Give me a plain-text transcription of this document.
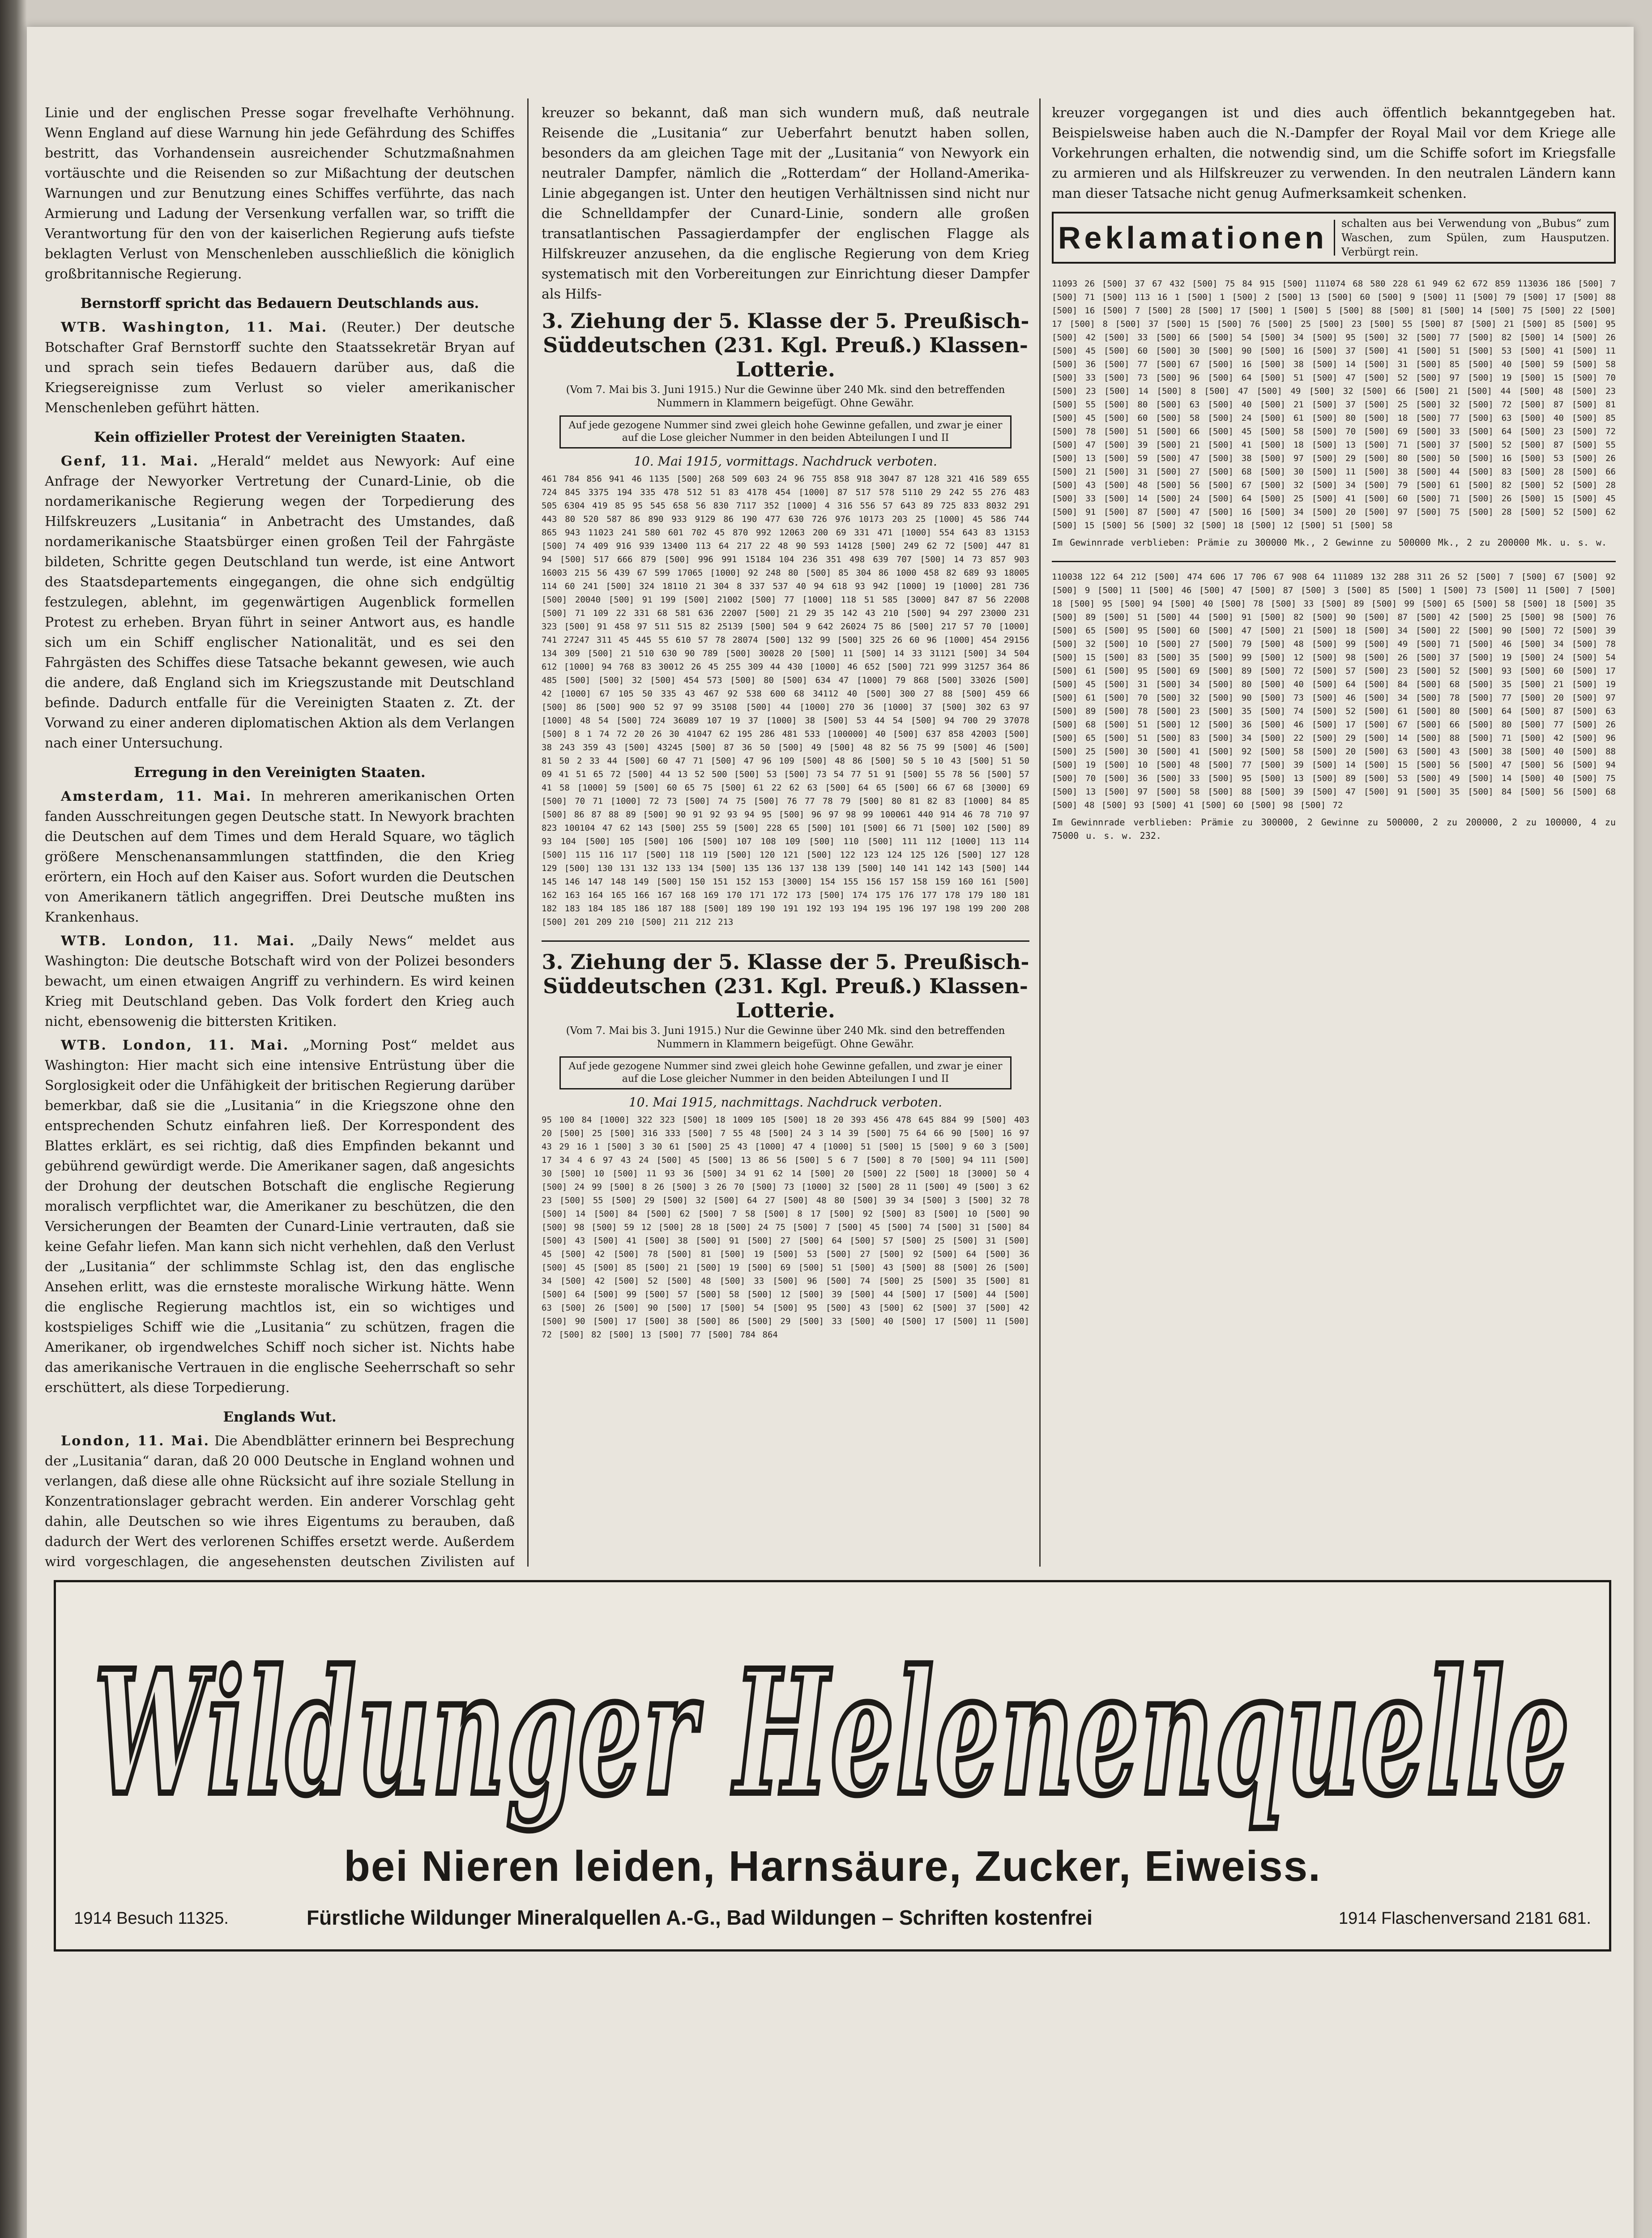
Linie und der englischen Presse sogar frevelhafte Verhöhnung. Wenn England auf diese Warnung hin jede Gefährdung des Schiffes bestritt, das Vorhandensein ausreichender Schutzmaßnahmen vortäuschte und die Reisenden so zur Mißachtung der deutschen Warnungen und zur Benutzung eines Schiffes verführte, das nach Armierung und Ladung der Versenkung verfallen war, so trifft die Verantwortung für den von der kaiserlichen Regierung aufs tiefste beklagten Verlust von Menschenleben ausschließlich die königlich großbritannische Regierung.

Bernstorff spricht das Bedauern Deutschlands aus.

WTB. Washington, 11. Mai. (Reuter.) Der deutsche Botschafter Graf Bernstorff suchte den Staatssekretär Bryan auf und sprach sein tiefes Bedauern darüber aus, daß die Kriegsereignisse zum Verlust so vieler amerikanischer Menschenleben geführt hätten.

Kein offizieller Protest der Vereinigten Staaten.

Genf, 11. Mai. „Herald“ meldet aus Newyork: Auf eine Anfrage der Newyorker Vertretung der Cunard-Linie, ob die nordamerikanische Regierung wegen der Torpedierung des Hilfskreuzers „Lusitania“ in Anbetracht des Umstandes, daß nordamerikanische Staatsbürger einen großen Teil der Fahrgäste bildeten, Schritte gegen Deutschland tun werde, ist eine Antwort des Staatsdepartements eingegangen, die ohne sich endgültig festzulegen, ablehnt, im gegenwärtigen Augenblick formellen Protest zu erheben. Bryan führt in seiner Antwort aus, es handle sich um ein Schiff englischer Nationalität, und es sei den Fahrgästen des Schiffes diese Tatsache bekannt gewesen, wie auch die andere, daß England sich im Kriegszustande mit Deutschland befinde. Dadurch entfalle für die Vereinigten Staaten z. Zt. der Vorwand zu einer anderen diplomatischen Aktion als dem Verlangen nach einer Untersuchung.

Erregung in den Vereinigten Staaten.

Amsterdam, 11. Mai. In mehreren amerikanischen Orten fanden Ausschreitungen gegen Deutsche statt. In Newyork brachten die Deutschen auf dem Times und dem Herald Square, wo täglich größere Menschenansammlungen stattfinden, die den Krieg erörtern, ein Hoch auf den Kaiser aus. Sofort wurden die Deutschen von Amerikanern tätlich angegriffen. Drei Deutsche mußten ins Krankenhaus.

WTB. London, 11. Mai. „Daily News“ meldet aus Washington: Die deutsche Botschaft wird von der Polizei besonders bewacht, um einen etwaigen Angriff zu verhindern. Es wird keinen Krieg mit Deutschland geben. Das Volk fordert den Krieg auch nicht, ebensowenig die bittersten Kritiken.

WTB. London, 11. Mai. „Morning Post“ meldet aus Washington: Hier macht sich eine intensive Entrüstung über die Sorglosigkeit oder die Unfähigkeit der britischen Regierung darüber bemerkbar, daß sie die „Lusitania“ in die Kriegszone ohne den entsprechenden Schutz einfahren ließ. Der Korrespondent des Blattes erklärt, es sei richtig, daß dies Empfinden bekannt und gebührend gewürdigt werde. Die Amerikaner sagen, daß angesichts der Drohung der deutschen Botschaft die englische Regierung moralisch verpflichtet war, die Amerikaner zu beschützen, die den Versicherungen der Beamten der Cunard-Linie vertrauten, daß sie keine Gefahr liefen. Man kann sich nicht verhehlen, daß den Verlust der „Lusitania“ der schlimmste Schlag ist, den das englische Ansehen erlitt, was die ernsteste moralische Wirkung hätte. Wenn die englische Regierung machtlos ist, ein so wichtiges und kostspieliges Schiff wie die „Lusitania“ zu schützen, fragen die Amerikaner, ob irgendwelches Schiff noch sicher ist. Nichts habe das amerikanische Vertrauen in die englische Seeherrschaft so sehr erschüttert, als diese Torpedierung.

Englands Wut.

London, 11. Mai. Die Abendblätter erinnern bei Besprechung der „Lusitania“ daran, daß 20 000 Deutsche in England wohnen und verlangen, daß diese alle ohne Rücksicht auf ihre soziale Stellung in Konzentrationslager gebracht werden. Ein anderer Vorschlag geht dahin, alle Deutschen so wie ihres Eigentums zu berauben, daß dadurch der Wert des verlorenen Schiffes ersetzt werde. Außerdem wird vorgeschlagen, die angesehensten deutschen Zivilisten auf

kreuzer so bekannt, daß man sich wundern muß, daß neutrale Reisende die „Lusitania“ zur Ueberfahrt benutzt haben sollen, besonders da am gleichen Tage mit der „Lusitania“ von Newyork ein neutraler Dampfer, nämlich die „Rotterdam“ der Holland-Amerika-Linie abgegangen ist. Unter den heutigen Verhältnissen sind nicht nur die Schnelldampfer der Cunard-Linie, sondern alle großen transatlantischen Passagierdampfer der englischen Flagge als Hilfskreuzer anzusehen, da die englische Regierung von dem Krieg systematisch mit den Vorbereitungen zur Einrichtung dieser Dampfer als Hilfs-

3. Ziehung der 5. Klasse der 5. Preußisch-Süddeutschen (231. Kgl. Preuß.) Klassen-Lotterie.
(Vom 7. Mai bis 3. Juni 1915.) Nur die Gewinne über 240 Mk. sind den betreffenden Nummern in Klammern beigefügt. Ohne Gewähr.
Auf jede gezogene Nummer sind zwei gleich hohe Gewinne gefallen, und zwar je einer auf die Lose gleicher Nummer in den beiden Abteilungen I und II
10. Mai 1915, vormittags. Nachdruck verboten.

461 784 856 941 46 1135 [500] 268 509 603 24 96 755 858 918 3047 87 128 321 416 589 655 724 845 3375 194 335 478 512 51 83 4178 454 [1000] 87 517 578 5110 29 242 55 276 483 505 6304 419 85 95 545 658 56 830 7117 352 [1000] 4 316 556 57 643 89 725 833 8032 291 443 80 520 587 86 890 933 9129 86 190 477 630 726 976 10173 203 25 [1000] 45 586 744 865 943 11023 241 580 601 702 45 870 992 12063 200 69 331 471 [1000] 554 643 83 13153 [500] 74 409 916 939 13400 113 64 217 22 48 90 593 14128 [500] 249 62 72 [500] 447 81 94 [500] 517 666 879 [500] 996 991 15184 104 236 351 498 639 707 [500] 14 73 857 903 16003 215 56 439 67 599 17065 [1000] 92 248 80 [500] 85 304 86 1000 458 82 689 93 18005 114 60 241 [500] 324 18110 21 304 8 337 537 40 94 618 93 942 [1000] 19 [1000] 281 736 [500] 20040 [500] 91 199 [500] 21002 [500] 77 [1000] 118 51 585 [3000] 847 87 56 22008 [500] 71 109 22 331 68 581 636 22007 [500] 21 29 35 142 43 210 [500] 94 297 23000 231 323 [500] 91 458 97 511 515 82 25139 [500] 504 9 642 26024 75 86 [500] 217 57 70 [1000] 741 27247 311 45 445 55 610 57 78 28074 [500] 132 99 [500] 325 26 60 96 [1000] 454 29156 134 309 [500] 21 510 630 90 789 [500] 30028 20 [500] 11 [500] 14 33 31121 [500] 34 504 612 [1000] 94 768 83 30012 26 45 255 309 44 430 [1000] 46 652 [500] 721 999 31257 364 86 485 [500] [500] 32 [500] 454 573 [500] 80 [500] 634 47 [1000] 79 868 [500] 33026 [500] 42 [1000] 67 105 50 335 43 467 92 538 600 68 34112 40 [500] 300 27 88 [500] 459 66 [500] 86 [500] 900 52 97 99 35108 [500] 44 [1000] 270 36 [1000] 37 [500] 302 63 97 [1000] 48 54 [500] 724 36089 107 19 37 [1000] 38 [500] 53 44 54 [500] 94 700 29 37078 [500] 8 1 74 72 20 26 30 41047 62 195 286 481 533 [100000] 40 [500] 637 858 42003 [500] 38 243 359 43 [500] 43245 [500] 87 36 50 [500] 49 [500] 48 82 56 75 99 [500] 46 [500] 81 50 2 33 44 [500] 60 47 71 [500] 47 96 109 [500] 48 86 [500] 50 5 10 43 [500] 51 50 09 41 51 65 72 [500] 44 13 52 500 [500] 53 [500] 73 54 77 51 91 [500] 55 78 56 [500] 57 41 58 [1000] 59 [500] 60 65 75 [500] 61 22 62 63 [500] 64 65 [500] 66 67 68 [3000] 69 [500] 70 71 [1000] 72 73 [500] 74 75 [500] 76 77 78 79 [500] 80 81 82 83 [1000] 84 85 [500] 86 87 88 89 [500] 90 91 92 93 94 95 [500] 96 97 98 99 100061 440 914 46 78 710 97 823 100104 47 62 143 [500] 255 59 [500] 228 65 [500] 101 [500] 66 71 [500] 102 [500] 89 93 104 [500] 105 [500] 106 [500] 107 108 109 [500] 110 [500] 111 112 [1000] 113 114 [500] 115 116 117 [500] 118 119 [500] 120 121 [500] 122 123 124 125 126 [500] 127 128 129 [500] 130 131 132 133 134 [500] 135 136 137 138 139 [500] 140 141 142 143 [500] 144 145 146 147 148 149 [500] 150 151 152 153 [3000] 154 155 156 157 158 159 160 161 [500] 162 163 164 165 166 167 168 169 170 171 172 173 [500] 174 175 176 177 178 179 180 181 182 183 184 185 186 187 188 [500] 189 190 191 192 193 194 195 196 197 198 199 200 208 [500] 201 209 210 [500] 211 212 213

3. Ziehung der 5. Klasse der 5. Preußisch-Süddeutschen (231. Kgl. Preuß.) Klassen-Lotterie.
(Vom 7. Mai bis 3. Juni 1915.) Nur die Gewinne über 240 Mk. sind den betreffenden Nummern in Klammern beigefügt. Ohne Gewähr.
Auf jede gezogene Nummer sind zwei gleich hohe Gewinne gefallen, und zwar je einer auf die Lose gleicher Nummer in den beiden Abteilungen I und II
10. Mai 1915, nachmittags. Nachdruck verboten.

95 100 84 [1000] 322 323 [500] 18 1009 105 [500] 18 20 393 456 478 645 884 99 [500] 403 20 [500] 25 [500] 316 333 [500] 7 55 48 [500] 24 3 14 39 [500] 75 64 66 90 [500] 16 97 43 29 16 1 [500] 3 30 61 [500] 25 43 [1000] 47 4 [1000] 51 [500] 15 [500] 9 60 3 [500] 17 34 4 6 97 43 24 [500] 45 [500] 13 86 56 [500] 5 6 7 [500] 8 70 [500] 94 111 [500] 30 [500] 10 [500] 11 93 36 [500] 34 91 62 14 [500] 20 [500] 22 [500] 18 [3000] 50 4 [500] 24 99 [500] 8 26 [500] 3 26 70 [500] 73 [1000] 32 [500] 28 11 [500] 49 [500] 3 62 23 [500] 55 [500] 29 [500] 32 [500] 64 27 [500] 48 80 [500] 39 34 [500] 3 [500] 32 78 [500] 14 [500] 84 [500] 62 [500] 7 58 [500] 8 17 [500] 92 [500] 83 [500] 10 [500] 90 [500] 98 [500] 59 12 [500] 28 18 [500] 24 75 [500] 7 [500] 45 [500] 74 [500] 31 [500] 84 [500] 43 [500] 41 [500] 38 [500] 91 [500] 27 [500] 64 [500] 57 [500] 25 [500] 31 [500] 45 [500] 42 [500] 78 [500] 81 [500] 19 [500] 53 [500] 27 [500] 92 [500] 64 [500] 36 [500] 45 [500] 85 [500] 21 [500] 19 [500] 69 [500] 51 [500] 43 [500] 88 [500] 26 [500] 34 [500] 42 [500] 52 [500] 48 [500] 33 [500] 96 [500] 74 [500] 25 [500] 35 [500] 81 [500] 64 [500] 99 [500] 57 [500] 58 [500] 12 [500] 39 [500] 44 [500] 17 [500] 44 [500] 63 [500] 26 [500] 90 [500] 17 [500] 54 [500] 95 [500] 43 [500] 62 [500] 37 [500] 42 [500] 90 [500] 17 [500] 38 [500] 86 [500] 29 [500] 33 [500] 40 [500] 17 [500] 11 [500] 72 [500] 82 [500] 13 [500] 77 [500] 784 864

kreuzer vorgegangen ist und dies auch öffentlich bekanntgegeben hat. Beispielsweise haben auch die N.-Dampfer der Royal Mail vor dem Kriege alle Vorkehrungen erhalten, die notwendig sind, um die Schiffe sofort im Kriegsfalle zu armieren und als Hilfskreuzer zu verwenden. In den neutralen Ländern kann man dieser Tatsache nicht genug Aufmerksamkeit schenken.

Reklamationen	schalten aus bei Verwendung von „Bubus“ zum Waschen, zum Spülen, zum Hausputzen. Verbürgt rein.

11093 26 [500] 37 67 432 [500] 75 84 915 [500] 111074 68 580 228 61 949 62 672 859 113036 186 [500] 7 [500] 71 [500] 113 16 1 [500] 1 [500] 2 [500] 13 [500] 60 [500] 9 [500] 11 [500] 79 [500] 17 [500] 88 [500] 16 [500] 7 [500] 28 [500] 17 [500] 1 [500] 5 [500] 88 [500] 81 [500] 14 [500] 75 [500] 22 [500] 17 [500] 8 [500] 37 [500] 15 [500] 76 [500] 25 [500] 23 [500] 55 [500] 87 [500] 21 [500] 85 [500] 95 [500] 42 [500] 33 [500] 66 [500] 54 [500] 34 [500] 95 [500] 32 [500] 77 [500] 82 [500] 14 [500] 26 [500] 45 [500] 60 [500] 30 [500] 90 [500] 16 [500] 37 [500] 41 [500] 51 [500] 53 [500] 41 [500] 11 [500] 36 [500] 77 [500] 67 [500] 16 [500] 38 [500] 14 [500] 31 [500] 85 [500] 40 [500] 59 [500] 58 [500] 33 [500] 73 [500] 96 [500] 64 [500] 51 [500] 47 [500] 52 [500] 97 [500] 19 [500] 15 [500] 70 [500] 23 [500] 14 [500] 8 [500] 47 [500] 49 [500] 32 [500] 66 [500] 21 [500] 44 [500] 48 [500] 23 [500] 55 [500] 80 [500] 63 [500] 40 [500] 21 [500] 37 [500] 25 [500] 32 [500] 72 [500] 87 [500] 81 [500] 45 [500] 60 [500] 58 [500] 24 [500] 61 [500] 80 [500] 18 [500] 77 [500] 63 [500] 40 [500] 85 [500] 78 [500] 51 [500] 66 [500] 45 [500] 58 [500] 70 [500] 69 [500] 33 [500] 64 [500] 23 [500] 72 [500] 47 [500] 39 [500] 21 [500] 41 [500] 18 [500] 13 [500] 71 [500] 37 [500] 52 [500] 87 [500] 55 [500] 13 [500] 59 [500] 47 [500] 38 [500] 97 [500] 29 [500] 80 [500] 50 [500] 16 [500] 53 [500] 26 [500] 21 [500] 31 [500] 27 [500] 68 [500] 30 [500] 11 [500] 38 [500] 44 [500] 83 [500] 28 [500] 66 [500] 43 [500] 48 [500] 56 [500] 67 [500] 32 [500] 34 [500] 79 [500] 61 [500] 82 [500] 52 [500] 28 [500] 33 [500] 14 [500] 24 [500] 64 [500] 25 [500] 41 [500] 60 [500] 71 [500] 26 [500] 15 [500] 45 [500] 91 [500] 87 [500] 47 [500] 16 [500] 34 [500] 20 [500] 97 [500] 75 [500] 28 [500] 52 [500] 62 [500] 15 [500] 56 [500] 32 [500] 18 [500] 12 [500] 51 [500] 58

Im Gewinnrade verblieben: Prämie zu 300000 Mk., 2 Gewinne zu 500000 Mk., 2 zu 200000 Mk. u. s. w.

110038 122 64 212 [500] 474 606 17 706 67 908 64 111089 132 288 311 26 52 [500] 7 [500] 67 [500] 92 [500] 9 [500] 11 [500] 46 [500] 47 [500] 87 [500] 3 [500] 85 [500] 1 [500] 73 [500] 11 [500] 7 [500] 18 [500] 95 [500] 94 [500] 40 [500] 78 [500] 33 [500] 89 [500] 99 [500] 65 [500] 58 [500] 18 [500] 35 [500] 89 [500] 51 [500] 44 [500] 91 [500] 82 [500] 90 [500] 87 [500] 42 [500] 25 [500] 98 [500] 76 [500] 65 [500] 95 [500] 60 [500] 47 [500] 21 [500] 18 [500] 34 [500] 22 [500] 90 [500] 72 [500] 39 [500] 32 [500] 10 [500] 27 [500] 79 [500] 48 [500] 99 [500] 49 [500] 71 [500] 46 [500] 34 [500] 78 [500] 15 [500] 83 [500] 35 [500] 99 [500] 12 [500] 98 [500] 26 [500] 37 [500] 19 [500] 24 [500] 54 [500] 61 [500] 95 [500] 69 [500] 89 [500] 72 [500] 57 [500] 23 [500] 52 [500] 93 [500] 60 [500] 17 [500] 45 [500] 31 [500] 34 [500] 80 [500] 40 [500] 64 [500] 84 [500] 68 [500] 35 [500] 21 [500] 19 [500] 61 [500] 70 [500] 32 [500] 90 [500] 73 [500] 46 [500] 34 [500] 78 [500] 77 [500] 20 [500] 97 [500] 89 [500] 78 [500] 23 [500] 35 [500] 74 [500] 52 [500] 61 [500] 80 [500] 64 [500] 87 [500] 63 [500] 68 [500] 51 [500] 12 [500] 36 [500] 46 [500] 17 [500] 67 [500] 66 [500] 80 [500] 77 [500] 26 [500] 65 [500] 51 [500] 83 [500] 34 [500] 22 [500] 29 [500] 14 [500] 88 [500] 71 [500] 42 [500] 96 [500] 25 [500] 30 [500] 41 [500] 92 [500] 58 [500] 20 [500] 63 [500] 43 [500] 38 [500] 40 [500] 88 [500] 19 [500] 10 [500] 48 [500] 77 [500] 39 [500] 14 [500] 15 [500] 56 [500] 47 [500] 56 [500] 94 [500] 70 [500] 36 [500] 33 [500] 95 [500] 13 [500] 89 [500] 53 [500] 49 [500] 14 [500] 40 [500] 75 [500] 13 [500] 97 [500] 58 [500] 88 [500] 39 [500] 47 [500] 91 [500] 35 [500] 84 [500] 56 [500] 68 [500] 48 [500] 93 [500] 41 [500] 60 [500] 98 [500] 72

Im Gewinnrade verblieben: Prämie zu 300000, 2 Gewinne zu 500000, 2 zu 200000, 2 zu 100000, 4 zu 75000 u. s. w. 232.

Wildunger Helenenquelle
bei Nieren leiden, Harnsäure, Zucker, Eiweiss.
1914 Besuch 11325.	Fürstliche Wildunger Mineralquellen A.-G., Bad Wildungen – Schriften kostenfrei	1914 Flaschenversand 2181 681.
